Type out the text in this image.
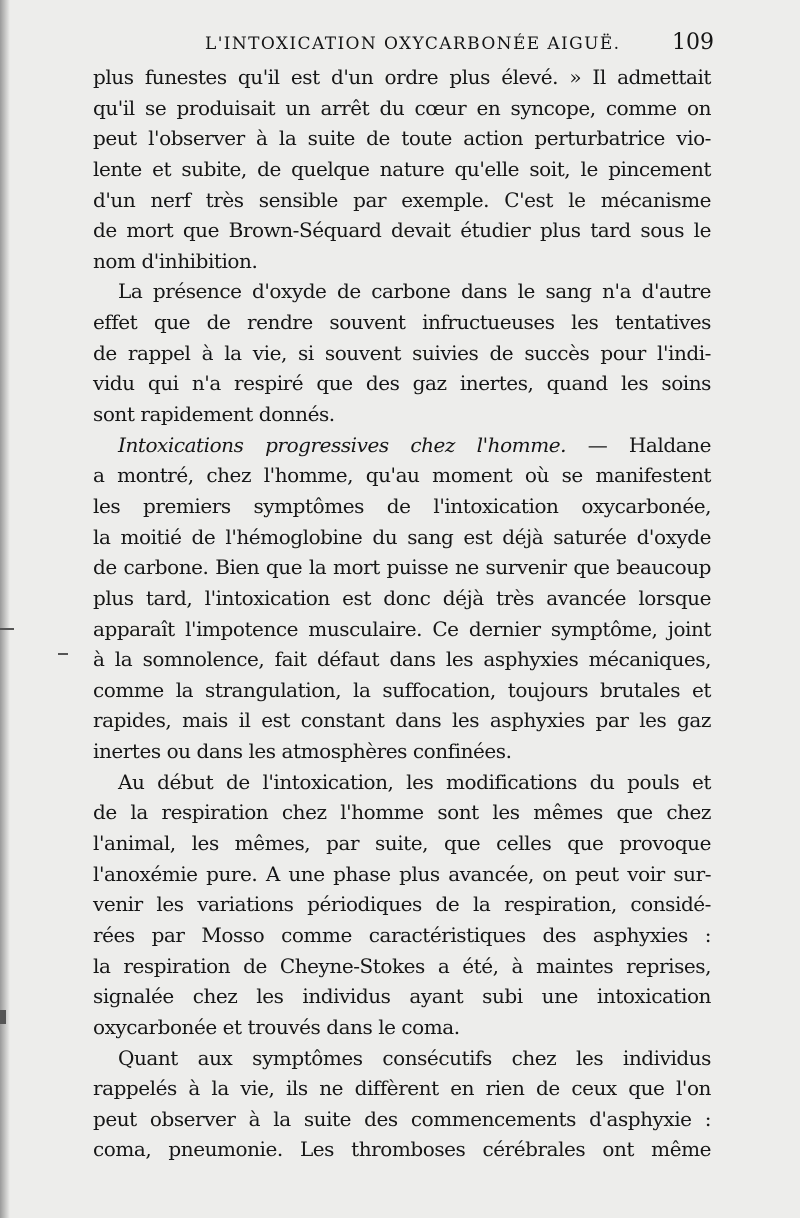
L'INTOXICATION OXYCARBONÉE AIGUË. 109
plus funestes qu'il est d'un ordre plus élevé. » Il admettait
qu'il se produisait un arrêt du cœur en syncope, comme on
peut l'observer à la suite de toute action perturbatrice vio-
lente et subite, de quelque nature qu'elle soit, le pincement
d'un nerf très sensible par exemple. C'est le mécanisme
de mort que Brown-Séquard devait étudier plus tard sous le
nom d'inhibition.
La présence d'oxyde de carbone dans le sang n'a d'autre
effet que de rendre souvent infructueuses les tentatives
de rappel à la vie, si souvent suivies de succès pour l'indi-
vidu qui n'a respiré que des gaz inertes, quand les soins
sont rapidement donnés.
Intoxications progressives chez l'homme. — Haldane
a montré, chez l'homme, qu'au moment où se manifestent
les premiers symptômes de l'intoxication oxycarbonée,
la moitié de l'hémoglobine du sang est déjà saturée d'oxyde
de carbone. Bien que la mort puisse ne survenir que beaucoup
plus tard, l'intoxication est donc déjà très avancée lorsque
apparaît l'impotence musculaire. Ce dernier symptôme, joint
à la somnolence, fait défaut dans les asphyxies mécaniques,
comme la strangulation, la suffocation, toujours brutales et
rapides, mais il est constant dans les asphyxies par les gaz
inertes ou dans les atmosphères confinées.
Au début de l'intoxication, les modifications du pouls et
de la respiration chez l'homme sont les mêmes que chez
l'animal, les mêmes, par suite, que celles que provoque
l'anoxémie pure. A une phase plus avancée, on peut voir sur-
venir les variations périodiques de la respiration, considé-
rées par Mosso comme caractéristiques des asphyxies :
la respiration de Cheyne-Stokes a été, à maintes reprises,
signalée chez les individus ayant subi une intoxication
oxycarbonée et trouvés dans le coma.
Quant aux symptômes consécutifs chez les individus
rappelés à la vie, ils ne diffèrent en rien de ceux que l'on
peut observer à la suite des commencements d'asphyxie :
coma, pneumonie. Les thromboses cérébrales ont même
